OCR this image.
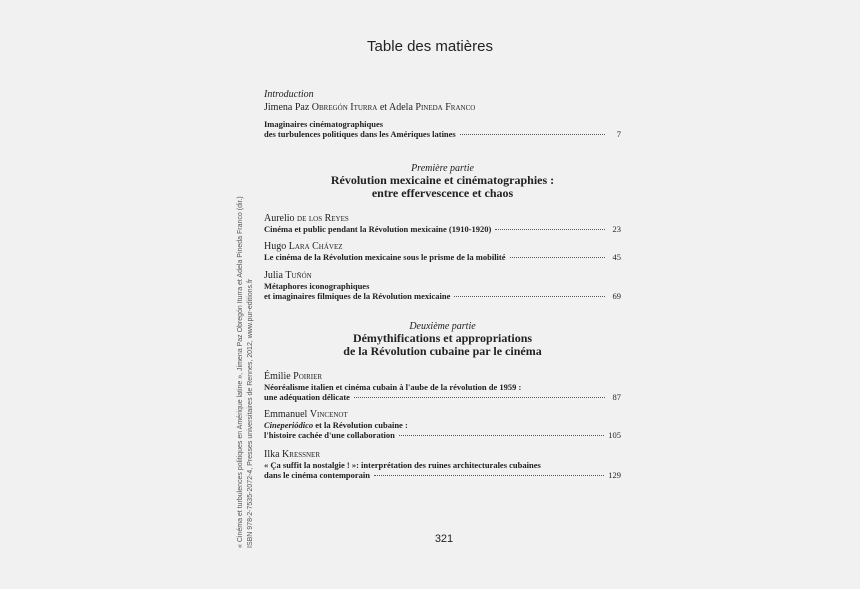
Table des matières
« Cinéma et turbulences politiques en Amérique latine », Jimena Paz Obregón Iturra et Adela Pineda Franco (dir.) ISBN 978-2-7535-2072-4, Presses universitaires de Rennes, 2012, www.pur-editions.fr
Introduction
Jimena Paz Obregón Iturra et Adela Pineda Franco
Imaginaires cinématographiques
des turbulences politiques dans les Amériques latines	7
Première partie
Révolution mexicaine et cinématographies :
entre effervescence et chaos
Aurelio de los Reyes
Cinéma et public pendant la Révolution mexicaine (1910-1920)	23
Hugo Lara Chávez
Le cinéma de la Révolution mexicaine sous le prisme de la mobilité	45
Julia Tuñón
Métaphores iconographiques
et imaginaires filmiques de la Révolution mexicaine	69
Deuxième partie
Démythifications et appropriations
de la Révolution cubaine par le cinéma
Émilie Poirier
Néoréalisme italien et cinéma cubain à l'aube de la révolution de 1959 :
une adéquation délicate	87
Emmanuel Vincenot
Cineperiódico et la Révolution cubaine :
l'histoire cachée d'une collaboration	105
Ilka Kressner
« Ça suffit la nostalgie ! »: interprétation des ruines architecturales cubaines
dans le cinéma contemporain	129
321
